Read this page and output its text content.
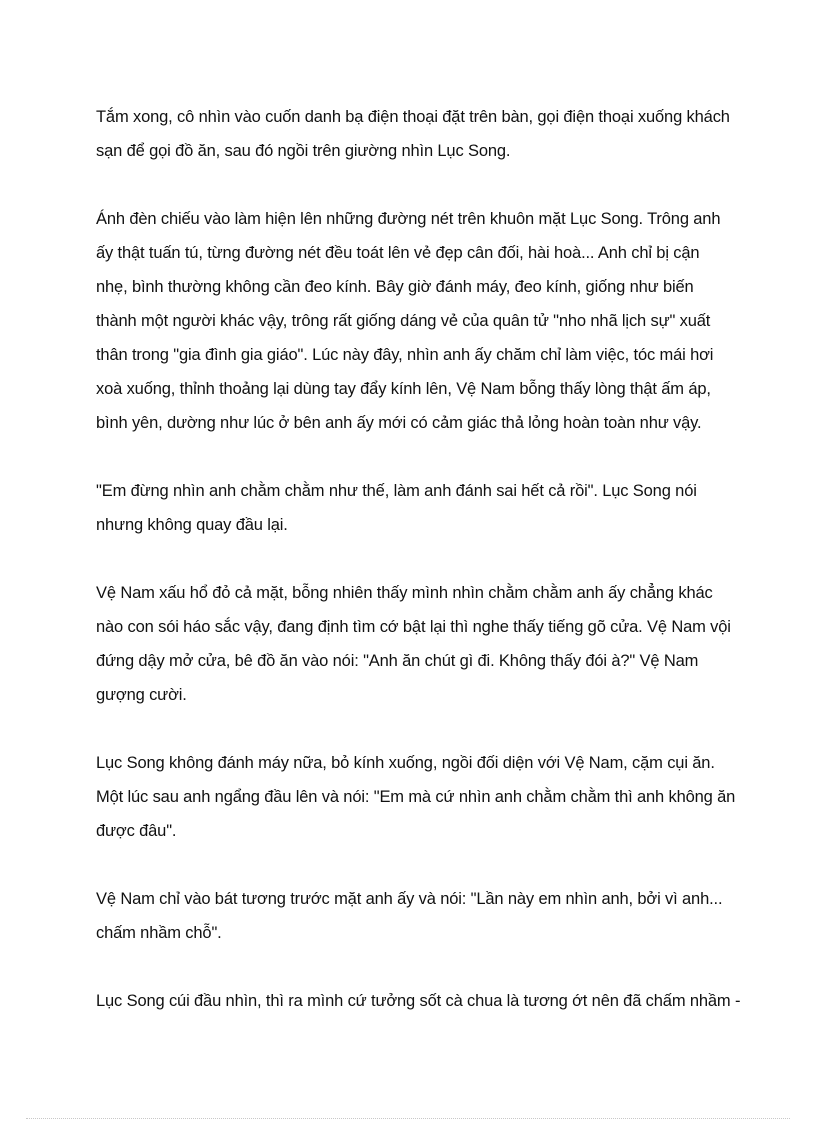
Tắm xong, cô nhìn vào cuốn danh bạ điện thoại đặt trên bàn, gọi điện thoại xuống khách
sạn để gọi đồ ăn, sau đó ngồi trên giường nhìn Lục Song.

Ánh đèn chiếu vào làm hiện lên những đường nét trên khuôn mặt Lục Song. Trông anh
ấy thật tuấn tú, từng đường nét đều toát lên vẻ đẹp cân đối, hài hoà... Anh chỉ bị cận
nhẹ, bình thường không cần đeo kính. Bây giờ đánh máy, đeo kính, giống như biến
thành một người khác vậy, trông rất giống dáng vẻ của quân tử "nho nhã lịch sự" xuất
thân trong "gia đình gia giáo". Lúc này đây, nhìn anh ấy chăm chỉ làm việc, tóc mái hơi
xoà xuống, thỉnh thoảng lại dùng tay đẩy kính lên, Vệ Nam bỗng thấy lòng thật ấm áp,
bình yên, dường như lúc ở bên anh ấy mới có cảm giác thả lỏng hoàn toàn như vậy.

"Em đừng nhìn anh chằm chằm như thế, làm anh đánh sai hết cả rồi". Lục Song nói
nhưng không quay đầu lại.

Vệ Nam xấu hổ đỏ cả mặt, bỗng nhiên thấy mình nhìn chằm chằm anh ấy chẳng khác
nào con sói háo sắc vậy, đang định tìm cớ bật lại thì nghe thấy tiếng gõ cửa. Vệ Nam vội
đứng dậy mở cửa, bê đồ ăn vào nói: "Anh ăn chút gì đi. Không thấy đói à?" Vệ Nam
gượng cười.

Lục Song không đánh máy nữa, bỏ kính xuống, ngồi đối diện với Vệ Nam, cặm cụi ăn.
Một lúc sau anh ngẩng đầu lên và nói: "Em mà cứ nhìn anh chằm chằm thì anh không ăn
được đâu".

Vệ Nam chỉ vào bát tương trước mặt anh ấy và nói: "Lần này em nhìn anh, bởi vì anh...
chấm nhầm chỗ".

Lục Song cúi đầu nhìn, thì ra mình cứ tưởng sốt cà chua là tương ớt nên đã chấm nhầm -
